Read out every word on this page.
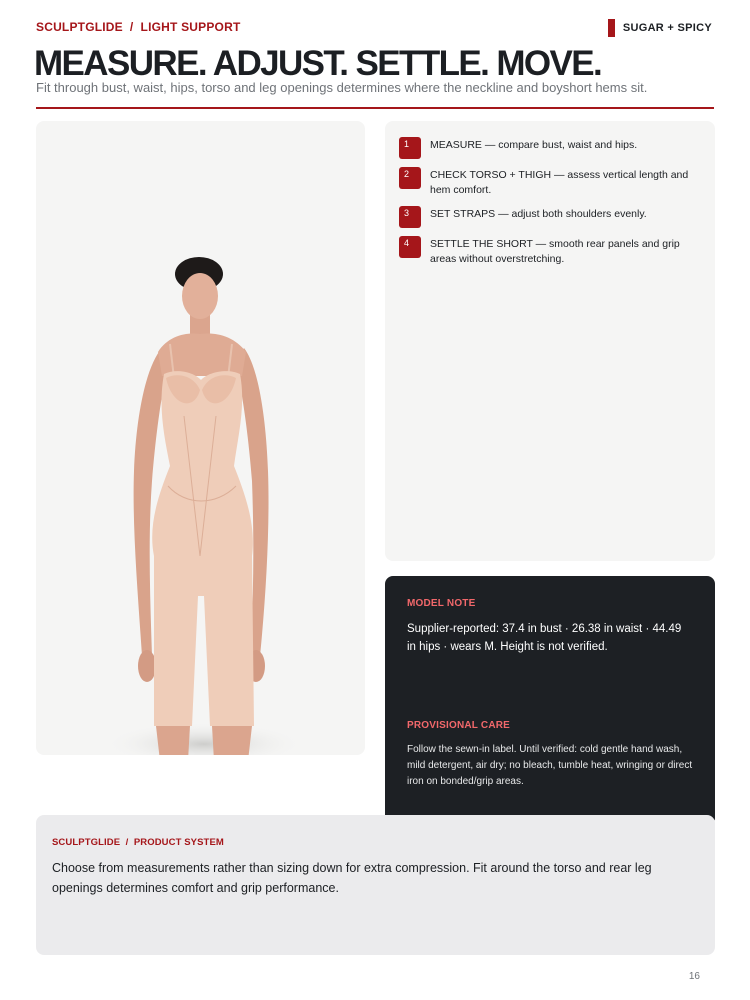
SCULPTGLIDE  /  LIGHT SUPPORT	SUGAR + SPICY
MEASURE. ADJUST. SETTLE. MOVE.

Fit through bust, waist, hips, torso and leg openings determines where the neckline and boyshort hems sit.

1	MEASURE — compare bust, waist and hips.
2	CHECK TORSO + THIGH — assess vertical length and hem comfort.
3	SET STRAPS — adjust both shoulders evenly.
4	SETTLE THE SHORT — smooth rear panels and grip areas without overstretching.
MODEL NOTE
Supplier-reported: 37.4 in bust · 26.38 in waist · 44.49 in hips · wears M. Height is not verified.
PROVISIONAL CARE
Follow the sewn-in label. Until verified: cold gentle hand wash, mild detergent, air dry; no bleach, tumble heat, wringing or direct iron on bonded/grip areas.
SCULPTGLIDE  /  PRODUCT SYSTEM
Choose from measurements rather than sizing down for extra compression. Fit around the torso and rear leg openings determines comfort and grip performance.
16
